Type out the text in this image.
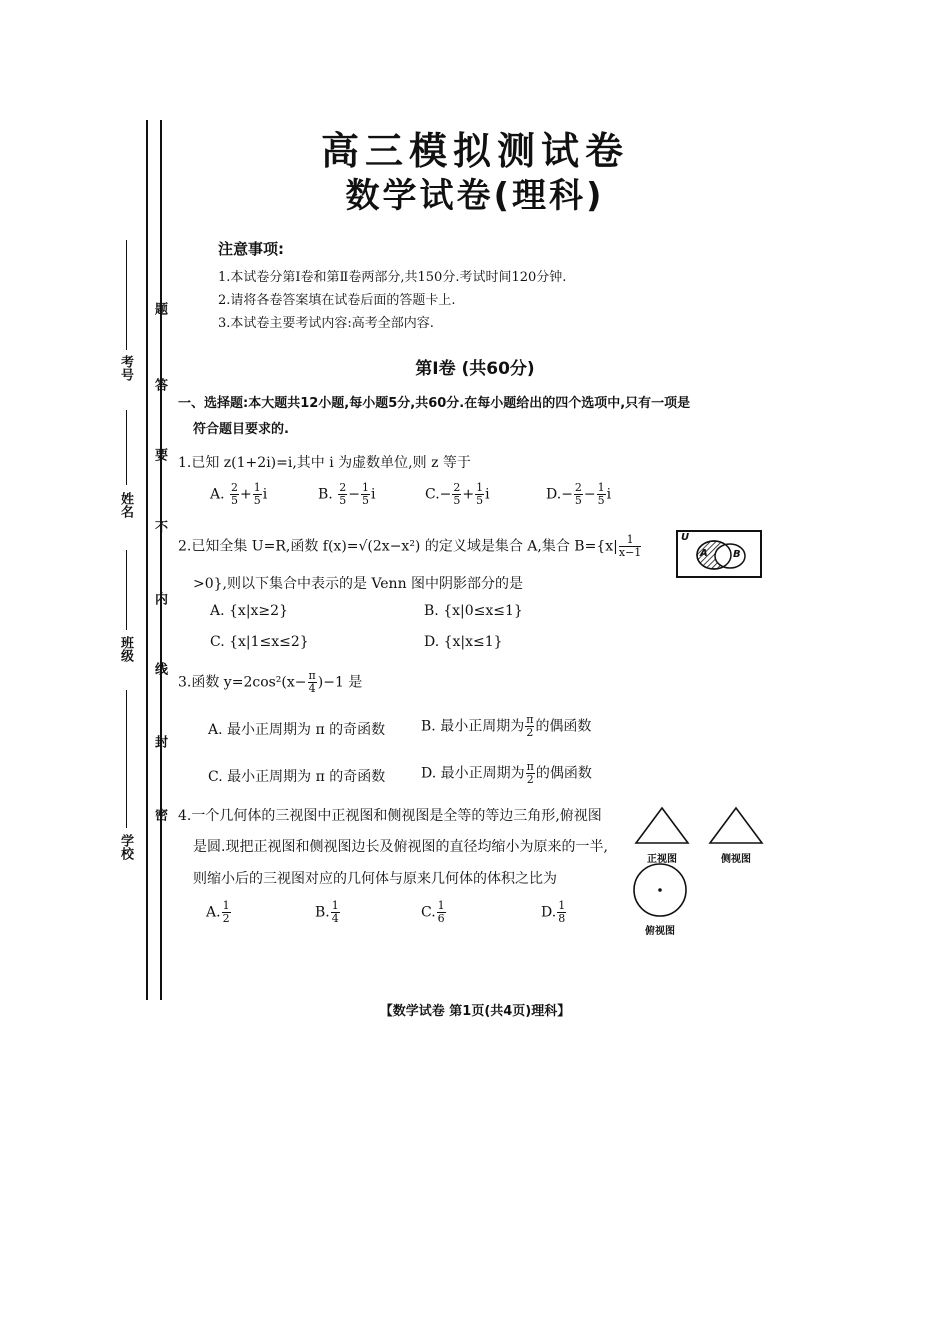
题
答
要
不
内
线
封
密
考号
姓名
班级
学校
高三模拟测试卷
数学试卷(理科)
注意事项:
1.本试卷分第Ⅰ卷和第Ⅱ卷两部分,共150分.考试时间120分钟.
2.请将各卷答案填在试卷后面的答题卡上.
3.本试卷主要考试内容:高考全部内容.
第Ⅰ卷 (共60分)
一、选择题:本大题共12小题,每小题5分,共60分.在每小题给出的四个选项中,只有一项是
符合题目要求的.
1.已知 z(1+2i)=i,其中 i 为虚数单位,则 z 等于
A. $\frac{2}{5} + \frac{1}{5}$ i	B. $\frac{2}{5} - \frac{1}{5}$ i	$C.- \frac{2}{5} + \frac{1}{5}$ i	$D.- \frac{2}{5} - \frac{1}{5}$ i
2.已知全集 U=R,函数 f(x)=√(2x−x²) 的定义域是集合 A,集合 $B=\{x| \frac{1}{x-1}$
>0},则以下集合中表示的是 Venn 图中阴影部分的是
U
A	B
A. {x|x≥2}	B. {x|0≤x≤1}
C. {x|1≤x≤2}	D. {x|x≤1}
3.函数 $y=2\cos^2(x- \frac{\pi}{4} )-1$ 是
A. 最小正周期为 π 的奇函数	B. 最小正周期为 $\frac{\pi}{2}$ 的偶函数
C. 最小正周期为 π 的奇函数	D. 最小正周期为 $\frac{\pi}{2}$ 的偶函数
4.一个几何体的三视图中正视图和侧视图是全等的等边三角形,俯视图
是圆.现把正视图和侧视图边长及俯视图的直径均缩小为原来的一半,
则缩小后的三视图对应的几何体与原来几何体的体积之比为
A. $\frac{1}{2}$	B. $\frac{1}{4}$	C. $\frac{1}{6}$	D. $\frac{1}{8}$
正视图	侧视图
俯视图
【数学试卷 第1页(共4页)理科】
